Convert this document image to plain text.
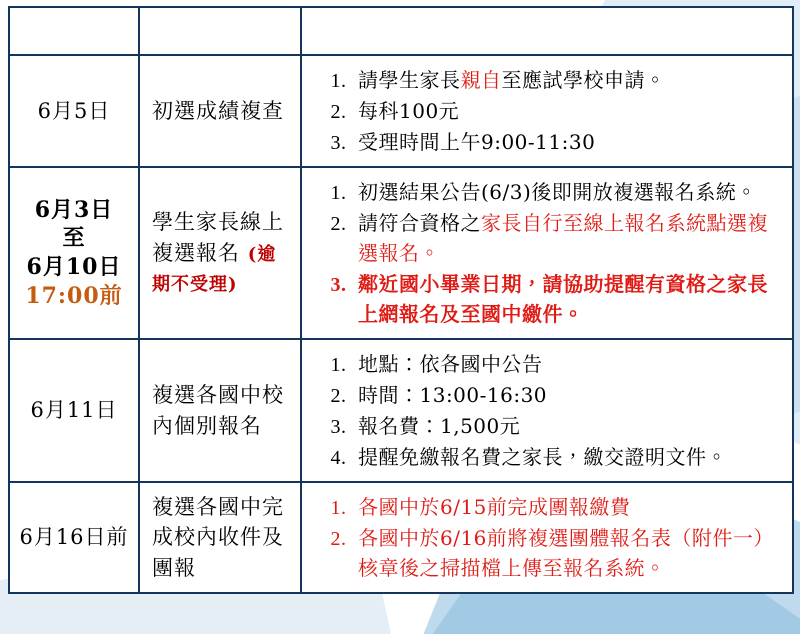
日期	辦理項目	重點工作內容

6月5日	初選成績複查	
1. 請學生家長親自至應試學校申請。
2. 每科100元
3. 受理時間上午9:00-11:30

6月3日
至
6月10日
17:00前
	學生家長線上複選報名 (逾期不受理)	
1. 初選結果公告(6/3)後即開放複選報名系統。
2. 請符合資格之家長自行至線上報名系統點選複選報名。
3. 鄰近國小畢業日期，請協助提醒有資格之家長上網報名及至國中繳件。

6月11日
	複選各國中校內個別報名	
1. 地點：依各國中公告
2. 時間：13:00-16:30
3. 報名費：1,500元
4. 提醒免繳報名費之家長，繳交證明文件。

6月16日前
	複選各國中完成校內收件及團報	
1. 各國中於6/15前完成團報繳費
2. 各國中於6/16前將複選團體報名表（附件一）核章後之掃描檔上傳至報名系統。
